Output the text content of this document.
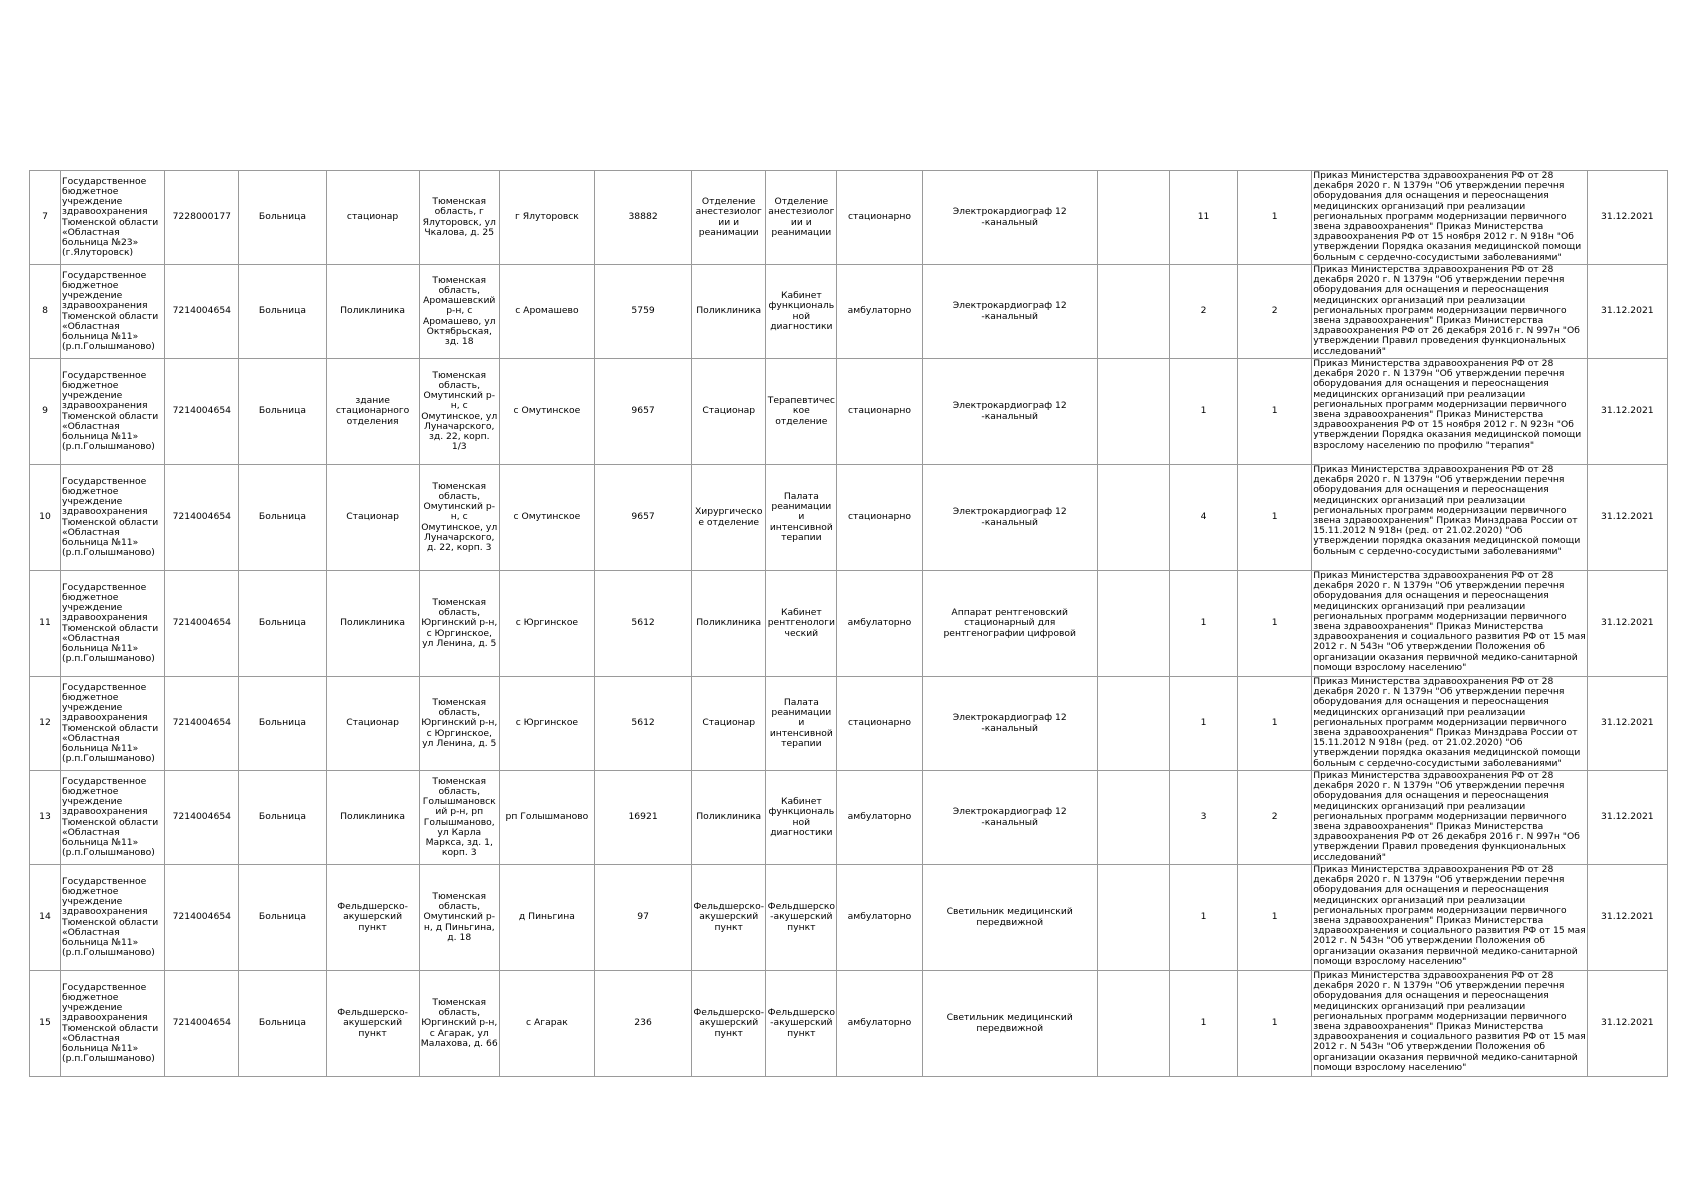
7	Государственное бюджетное учреждение здравоохранения Тюменской области «Областная больница №23» (г.Ялуторовск)	7228000177	Больница	стационар	Тюменская область, г Ялуторовск, ул Чкалова, д. 25	г Ялуторовск	38882	Отделение анестезиологии и реанимации	Отделение анестезиологии и реанимации	стационарно	Электрокардиограф 12 -канальный		11	1	Приказ Министерства здравоохранения РФ от 28 декабря 2020 г. N 1379н "Об утверждении перечня оборудования для оснащения и переоснащения медицинских организаций при реализации региональных программ модернизации первичного звена здравоохранения" Приказ Министерства здравоохранения РФ от 15 ноября 2012 г. N 918н "Об утверждении Порядка оказания медицинской помощи больным с сердечно-сосудистыми заболеваниями"	31.12.2021
8	Государственное бюджетное учреждение здравоохранения Тюменской области «Областная больница №11» (р.п.Голышманово)	7214004654	Больница	Поликлиника	Тюменская область, Аромашевский р-н, с Аромашево, ул Октябрьская, зд. 18	с Аромашево	5759	Поликлиника	Кабинет функциональной диагностики	амбулаторно	Электрокардиограф 12 -канальный		2	2	Приказ Министерства здравоохранения РФ от 28 декабря 2020 г. N 1379н "Об утверждении перечня оборудования для оснащения и переоснащения медицинских организаций при реализации региональных программ модернизации первичного звена здравоохранения" Приказ Министерства здравоохранения РФ от 26 декабря 2016 г. N 997н "Об утверждении Правил проведения функциональных исследований"	31.12.2021
9	Государственное бюджетное учреждение здравоохранения Тюменской области «Областная больница №11» (р.п.Голышманово)	7214004654	Больница	здание стационарного отделения	Тюменская область, Омутинский р-н, с Омутинское, ул Луначарского, зд. 22, корп. 1/3	с Омутинское	9657	Стационар	Терапевтическое отделение	стационарно	Электрокардиограф 12 -канальный		1	1	Приказ Министерства здравоохранения РФ от 28 декабря 2020 г. N 1379н "Об утверждении перечня оборудования для оснащения и переоснащения медицинских организаций при реализации региональных программ модернизации первичного звена здравоохранения" Приказ Министерства здравоохранения РФ от 15 ноября 2012 г. N 923н "Об утверждении Порядка оказания медицинской помощи взрослому населению по профилю "терапия"	31.12.2021
10	Государственное бюджетное учреждение здравоохранения Тюменской области «Областная больница №11» (р.п.Голышманово)	7214004654	Больница	Стационар	Тюменская область, Омутинский р-н, с Омутинское, ул Луначарского, д. 22, корп. 3	с Омутинское	9657	Хирургическое отделение	Палата реанимации и интенсивной терапии	стационарно	Электрокардиограф 12 -канальный		4	1	Приказ Министерства здравоохранения РФ от 28 декабря 2020 г. N 1379н "Об утверждении перечня оборудования для оснащения и переоснащения медицинских организаций при реализации региональных программ модернизации первичного звена здравоохранения" Приказ Минздрава России от 15.11.2012 N 918н (ред. от 21.02.2020) "Об утверждении порядка оказания медицинской помощи больным с сердечно-сосудистыми заболеваниями"	31.12.2021
11	Государственное бюджетное учреждение здравоохранения Тюменской области «Областная больница №11» (р.п.Голышманово)	7214004654	Больница	Поликлиника	Тюменская область, Юргинский р-н, с Юргинское, ул Ленина, д. 5	с Юргинское	5612	Поликлиника	Кабинет рентгенологический	амбулаторно	Аппарат рентгеновский стационарный для рентгенографии цифровой		1	1	Приказ Министерства здравоохранения РФ от 28 декабря 2020 г. N 1379н "Об утверждении перечня оборудования для оснащения и переоснащения медицинских организаций при реализации региональных программ модернизации первичного звена здравоохранения" Приказ Министерства здравоохранения и социального развития РФ от 15 мая 2012 г. N 543н "Об утверждении Положения об организации оказания первичной медико-санитарной помощи взрослому населению"	31.12.2021
12	Государственное бюджетное учреждение здравоохранения Тюменской области «Областная больница №11» (р.п.Голышманово)	7214004654	Больница	Стационар	Тюменская область, Юргинский р-н, с Юргинское, ул Ленина, д. 5	с Юргинское	5612	Стационар	Палата реанимации и интенсивной терапии	стационарно	Электрокардиограф 12 -канальный		1	1	Приказ Министерства здравоохранения РФ от 28 декабря 2020 г. N 1379н "Об утверждении перечня оборудования для оснащения и переоснащения медицинских организаций при реализации региональных программ модернизации первичного звена здравоохранения" Приказ Минздрава России от 15.11.2012 N 918н (ред. от 21.02.2020) "Об утверждении порядка оказания медицинской помощи больным с сердечно-сосудистыми заболеваниями"	31.12.2021
13	Государственное бюджетное учреждение здравоохранения Тюменской области «Областная больница №11» (р.п.Голышманово)	7214004654	Больница	Поликлиника	Тюменская область, Голышмановский р-н, рп Голышманово, ул Карла Маркса, зд. 1, корп. 3	рп Голышманово	16921	Поликлиника	Кабинет функциональной диагностики	амбулаторно	Электрокардиограф 12 -канальный		3	2	Приказ Министерства здравоохранения РФ от 28 декабря 2020 г. N 1379н "Об утверждении перечня оборудования для оснащения и переоснащения медицинских организаций при реализации региональных программ модернизации первичного звена здравоохранения" Приказ Министерства здравоохранения РФ от 26 декабря 2016 г. N 997н "Об утверждении Правил проведения функциональных исследований"	31.12.2021
14	Государственное бюджетное учреждение здравоохранения Тюменской области «Областная больница №11» (р.п.Голышманово)	7214004654	Больница	Фельдшерско-акушерский пункт	Тюменская область, Омутинский р-н, д Пиньгина, д. 18	д Пиньгина	97	Фельдшерско-акушерский пункт	Фельдшерско-акушерский пункт	амбулаторно	Светильник медицинский передвижной		1	1	Приказ Министерства здравоохранения РФ от 28 декабря 2020 г. N 1379н "Об утверждении перечня оборудования для оснащения и переоснащения медицинских организаций при реализации региональных программ модернизации первичного звена здравоохранения" Приказ Министерства здравоохранения и социального развития РФ от 15 мая 2012 г. N 543н "Об утверждении Положения об организации оказания первичной медико-санитарной помощи взрослому населению"	31.12.2021
15	Государственное бюджетное учреждение здравоохранения Тюменской области «Областная больница №11» (р.п.Голышманово)	7214004654	Больница	Фельдшерско-акушерский пункт	Тюменская область, Юргинский р-н, с Агарак, ул Малахова, д. 66	с Агарак	236	Фельдшерско-акушерский пункт	Фельдшерско-акушерский пункт	амбулаторно	Светильник медицинский передвижной		1	1	Приказ Министерства здравоохранения РФ от 28 декабря 2020 г. N 1379н "Об утверждении перечня оборудования для оснащения и переоснащения медицинских организаций при реализации региональных программ модернизации первичного звена здравоохранения" Приказ Министерства здравоохранения и социального развития РФ от 15 мая 2012 г. N 543н "Об утверждении Положения об организации оказания первичной медико-санитарной помощи взрослому населению"	31.12.2021
